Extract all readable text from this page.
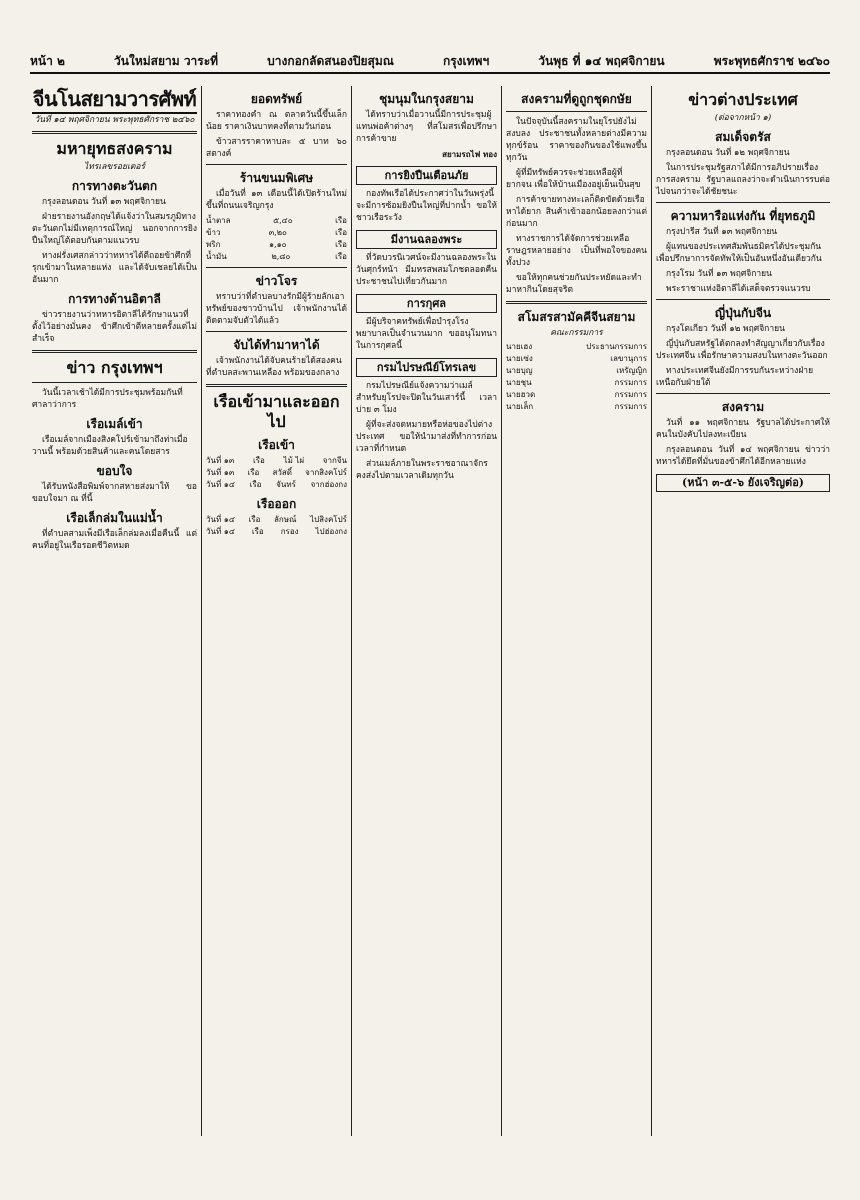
หน้า ๒	วันใหม่สยาม วาระที่	บางกอกลัดสนองปิยสุมณ	กรุงเทพฯ	วันพุธ ที่ ๑๔ พฤศจิกายน	พระพุทธศักราช ๒๔๖๐
จีนโนสยามวารศัพท์
วันที่ ๑๔ พฤศจิกายน พระพุทธศักราช ๒๔๖๐
มหายุทธสงคราม
ไทรเลขรอยเตอร์
การทางตะวันตก

กรุงลอนดอน วันที่ ๑๓ พฤศจิกายน

ฝ่ายรายงานอังกฤษได้แจ้งว่าในสมรภูมิทางตะวันตกไม่มีเหตุการณ์ใหญ่ นอกจากการยิงปืนใหญ่โต้ตอบกันตามแนวรบ

ทางฝรั่งเศสกล่าวว่าทหารได้ตีถอยข้าศึกที่รุกเข้ามาในหลายแห่ง และได้จับเชลยได้เป็นอันมาก

การทางด้านอิตาลี

ข่าวรายงานว่าทหารอิตาลีได้รักษาแนวที่ตั้งไว้อย่างมั่นคง ข้าศึกเข้าตีหลายครั้งแต่ไม่สำเร็จ

ข่าว กรุงเทพฯ

วันนี้เวลาเช้าได้มีการประชุมพร้อมกันที่ศาลาว่าการ

เรือเมล์เข้า

เรือเมล์จากเมืองสิงคโปร์เข้ามาถึงท่าเมื่อวานนี้ พร้อมด้วยสินค้าและคนโดยสาร

ขอบใจ

ได้รับหนังสือพิมพ์จากสหายส่งมาให้ ขอขอบใจมา ณ ที่นี้

เรือเล็กล่มในแม่น้ำ

ที่ตำบลสามเพ็งมีเรือเล็กล่มลงเมื่อคืนนี้ แต่คนที่อยู่ในเรือรอดชีวิตหมด

ยอดทรัพย์

ราคาทองคำ ณ ตลาดวันนี้ขึ้นเล็กน้อย ราคาเงินบาทคงที่ตามวันก่อน

ข้าวสารราคาหาบละ ๕ บาท ๖๐ สตางค์

ร้านขนมพิเศษ

เมื่อวันที่ ๑๓ เดือนนี้ได้เปิดร้านใหม่ขึ้นที่ถนนเจริญกรุง

น้ำตาล	๕,๔๐	เรือ
ข้าว	๓,๒๐	เรือ
พริก	๑,๑๐	เรือ
น้ำมัน	๒,๘๐	เรือ
ข่าวโจร

ทราบว่าที่ตำบลบางรักมีผู้ร้ายลักเอาทรัพย์ของชาวบ้านไป เจ้าพนักงานได้ติดตามจับตัวได้แล้ว

จับได้ทำมาหาได้

เจ้าพนักงานได้จับคนร้ายได้สองคนที่ตำบลสะพานเหลือง พร้อมของกลาง

เรือเข้ามาและออกไป
เรือเข้า
วันที่ ๑๓ เรือ ไม้ ไผ่ จากจีน
วันที่ ๑๓ เรือ สวัสดิ์ จากสิงคโปร์
วันที่ ๑๔ เรือ จันทร์ จากฮ่องกง
เรือออก
วันที่ ๑๔ เรือ ลักษณ์ ไปสิงคโปร์
วันที่ ๑๔ เรือ กรอง ไปฮ่องกง
ชุมนุมในกรุงสยาม

ได้ทราบว่าเมื่อวานนี้มีการประชุมผู้แทนพ่อค้าต่างๆ ที่สโมสรเพื่อปรึกษาการค้าขาย

สยามรถไฟ ทอง
การยิงปืนเตือนภัย

กองทัพเรือได้ประกาศว่าในวันพรุ่งนี้จะมีการซ้อมยิงปืนใหญ่ที่ปากน้ำ ขอให้ชาวเรือระวัง

มีงานฉลองพระ

ที่วัดบวรนิเวศน์จะมีงานฉลองพระในวันศุกร์หน้า มีมหรสพสมโภชตลอดคืน ประชาชนไปเที่ยวกันมาก

การกุศล

มีผู้บริจาคทรัพย์เพื่อบำรุงโรงพยาบาลเป็นจำนวนมาก ขออนุโมทนาในการกุศลนี้

กรมไปรษณีย์โทรเลข

กรมไปรษณีย์แจ้งความว่าเมล์สำหรับยุโรปจะปิดในวันเสาร์นี้ เวลาบ่าย ๓ โมง

ผู้ที่จะส่งจดหมายหรือห่อของไปต่างประเทศ ขอให้นำมาส่งที่ทำการก่อนเวลาที่กำหนด

ส่วนเมล์ภายในพระราชอาณาจักรคงส่งไปตามเวลาเดิมทุกวัน

สงครามที่ดูถูกชุดกษัย

ในปัจจุบันนี้สงครามในยุโรปยังไม่สงบลง ประชาชนทั้งหลายต่างมีความทุกข์ร้อน ราคาของกินของใช้แพงขึ้นทุกวัน

ผู้ที่มีทรัพย์ควรจะช่วยเหลือผู้ที่ยากจน เพื่อให้บ้านเมืองอยู่เย็นเป็นสุข

การค้าขายทางทะเลก็ติดขัดด้วยเรือหาได้ยาก สินค้าเข้าออกน้อยลงกว่าแต่ก่อนมาก

ทางราชการได้จัดการช่วยเหลือราษฎรหลายอย่าง เป็นที่พอใจของคนทั้งปวง

ขอให้ทุกคนช่วยกันประหยัดและทำมาหากินโดยสุจริต

สโมสรสามัคคีจีนสยาม
คณะกรรมการ
นายเฮง	ประธานกรรมการ
นายเซ่ง	เลขานุการ
นายบุญ	เหรัญญิก
นายชุน	กรรมการ
นายฮวด	กรรมการ
นายเล็ก	กรรมการ
ข่าวต่างประเทศ
(ต่อจากหน้า ๑)
สมเด็จตรัส

กรุงลอนดอน วันที่ ๑๒ พฤศจิกายน

ในการประชุมรัฐสภาได้มีการอภิปรายเรื่องการสงคราม รัฐบาลแถลงว่าจะดำเนินการรบต่อไปจนกว่าจะได้ชัยชนะ

ความหารือแห่งกัน ที่ยุทธภูมิ

กรุงปารีส วันที่ ๑๓ พฤศจิกายน

ผู้แทนของประเทศสัมพันธมิตรได้ประชุมกันเพื่อปรึกษาการจัดทัพให้เป็นอันหนึ่งอันเดียวกัน

กรุงโรม วันที่ ๑๓ พฤศจิกายน

พระราชาแห่งอิตาลีได้เสด็จตรวจแนวรบ

ญี่ปุ่นกับจีน

กรุงโตเกียว วันที่ ๑๒ พฤศจิกายน

ญี่ปุ่นกับสหรัฐได้ตกลงทำสัญญาเกี่ยวกับเรื่องประเทศจีน เพื่อรักษาความสงบในทางตะวันออก

ทางประเทศจีนยังมีการรบกันระหว่างฝ่ายเหนือกับฝ่ายใต้

สงคราม

วันที่ ๑๑ พฤศจิกายน รัฐบาลได้ประกาศให้คนในบังคับไปลงทะเบียน

กรุงลอนดอน วันที่ ๑๔ พฤศจิกายน ข่าวว่าทหารได้ยึดที่มั่นของข้าศึกได้อีกหลายแห่ง

(หน้า ๓-๕-๖ ยังเจริญต่อ)
